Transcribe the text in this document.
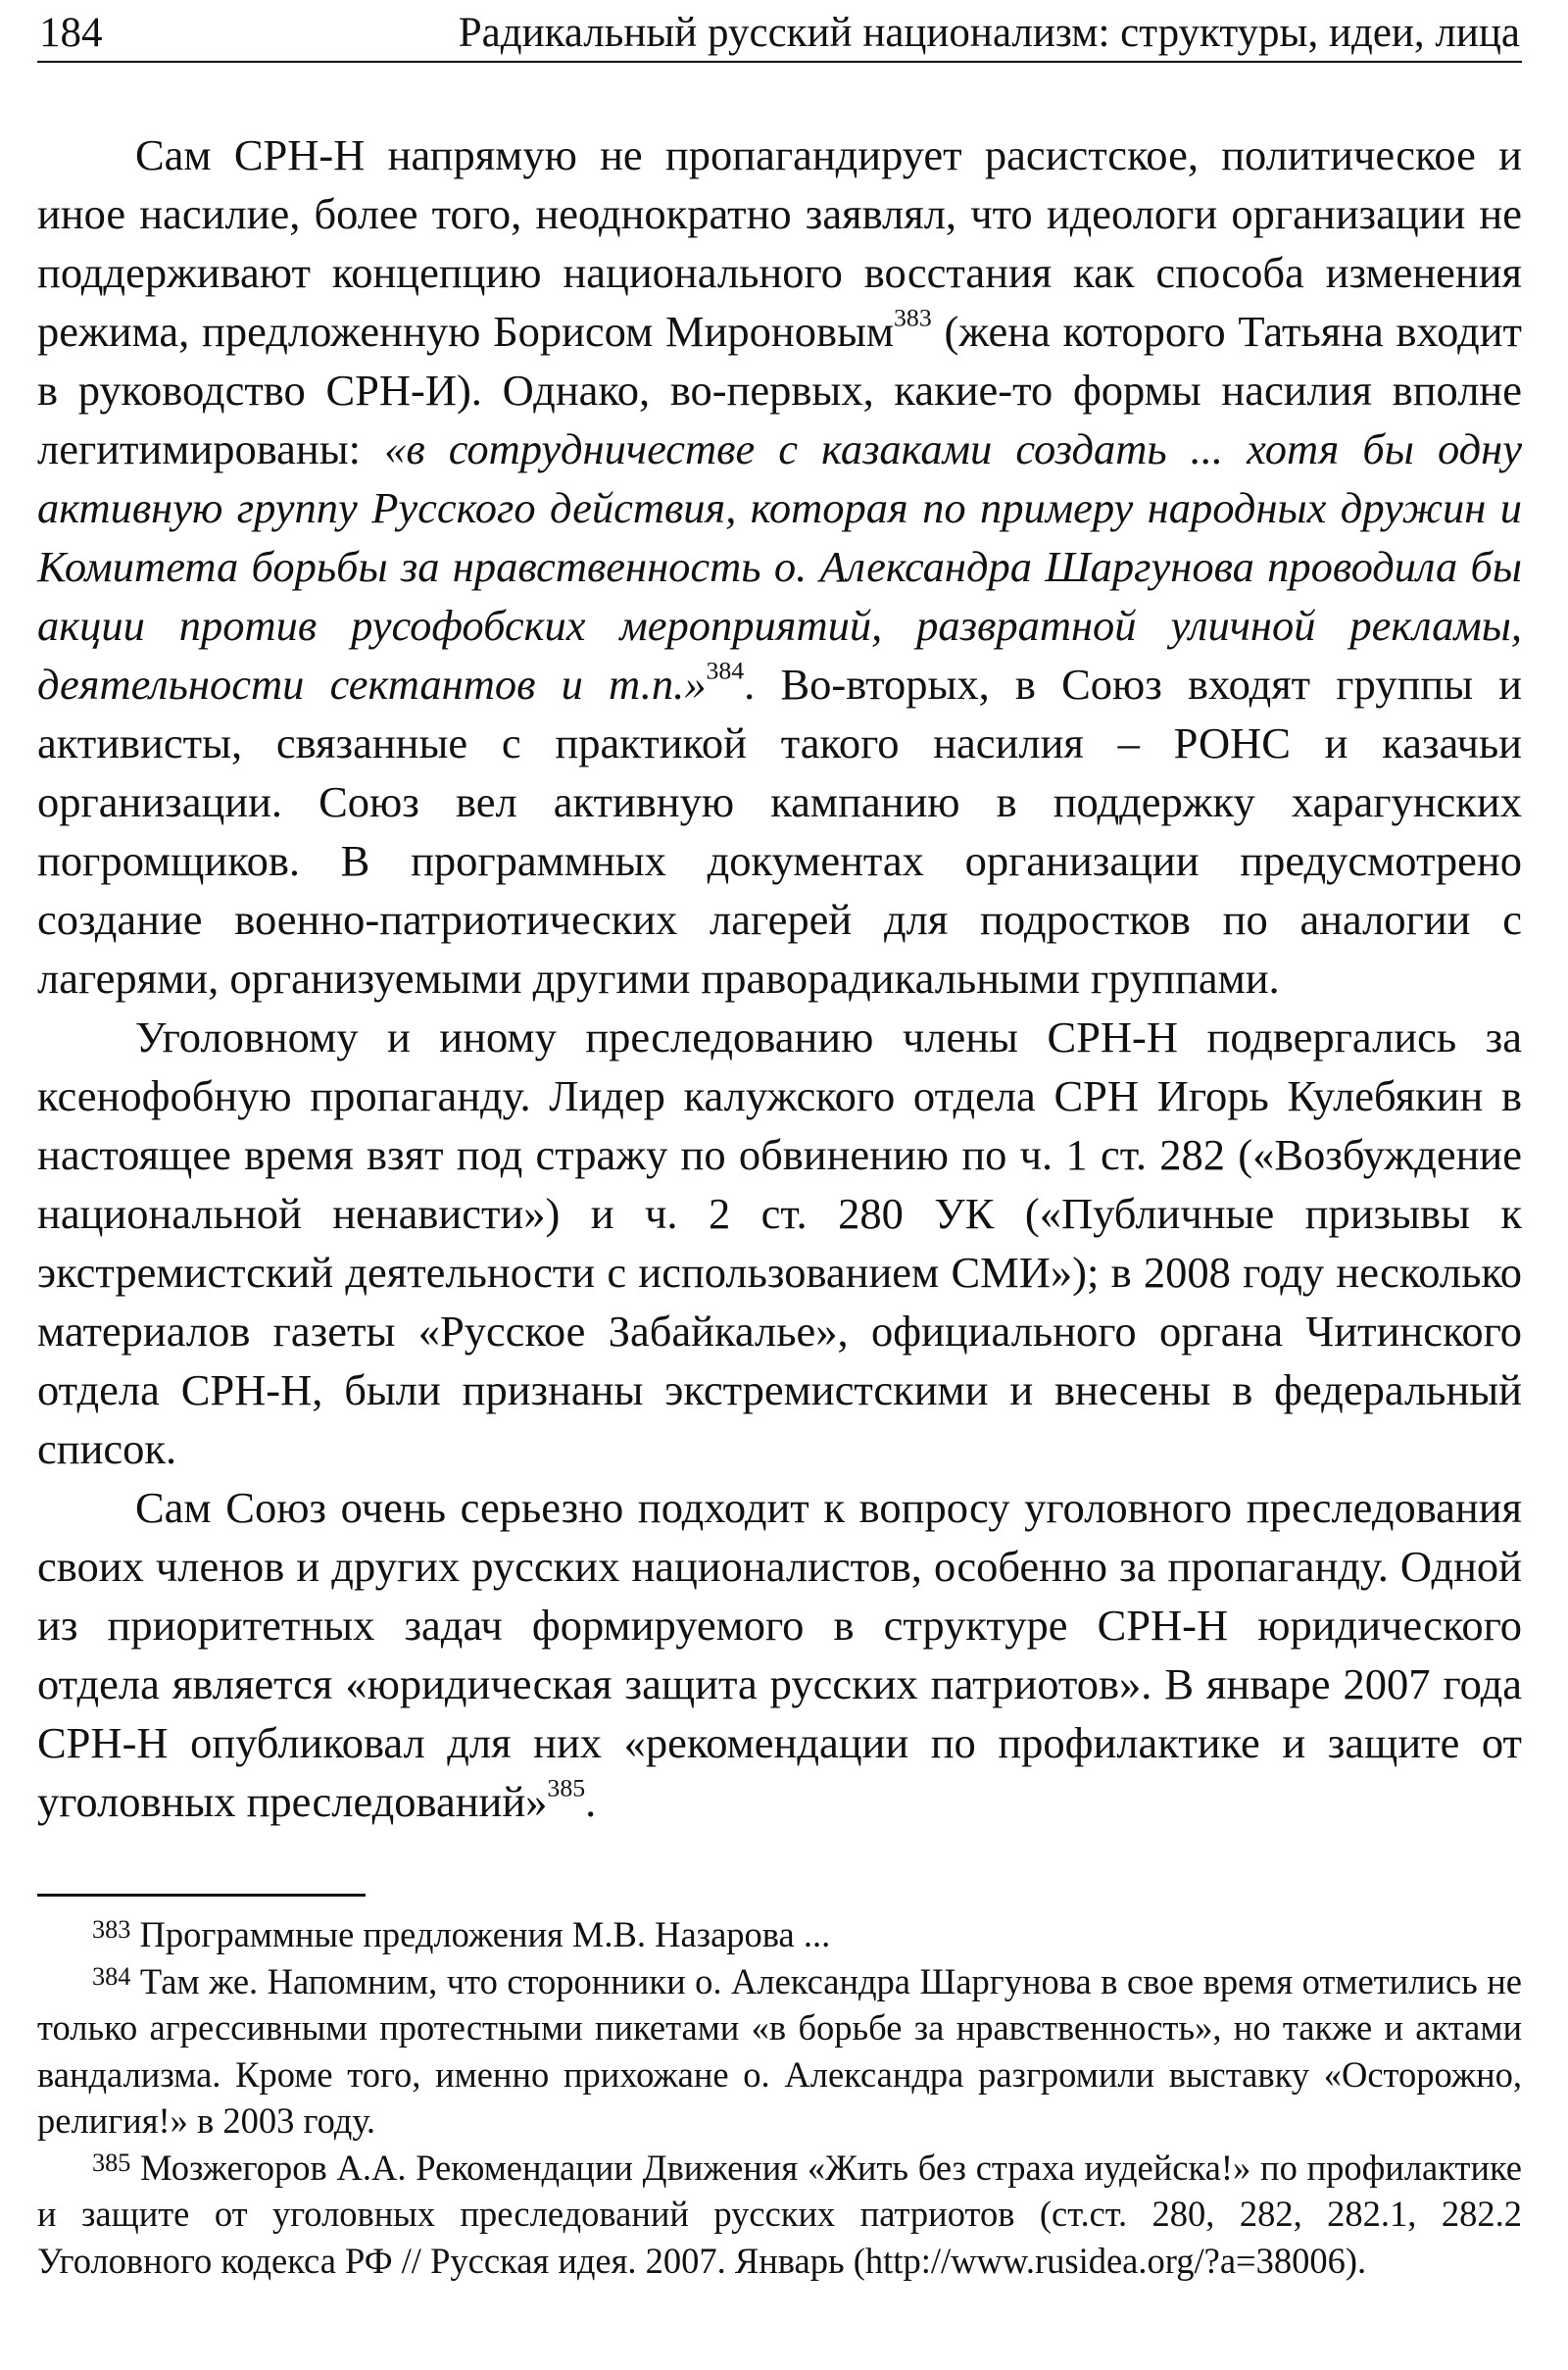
184	Радикальный русский национализм: структуры, идеи, лица

Сам СРН-Н напрямую не пропагандирует расистское, политическое и иное насилие, более того, неоднократно заявлял, что идеологи организации не поддерживают концепцию национального восстания как способа изменения режима, предложенную Борисом Мироновым$^{383}$ (жена которого Татьяна входит в руководство СРН-И). Однако, во-первых, какие-то формы насилия вполне легитимированы: «в сотрудничестве с казаками создать ... хотя бы одну активную группу Русского действия, которая по примеру народных дружин и Комитета борьбы за нравственность о. Александра Шаргунова проводила бы акции против русофобских мероприятий, развратной уличной рекламы, деятельности сектантов и т.п.»$^{384}$. Во-вторых, в Союз входят группы и активисты, связанные с практикой такого насилия – РОНС и казачьи организации. Союз вел активную кампанию в поддержку харагунских погромщиков. В программных документах организации предусмотрено создание военно-патриотических лагерей для подростков по аналогии с лагерями, организуемыми другими праворадикальными группами.

Уголовному и иному преследованию члены СРН-Н подвергались за ксенофобную пропаганду. Лидер калужского отдела СРН Игорь Кулебякин в настоящее время взят под стражу по обвинению по ч. 1 ст. 282 («Возбуждение национальной ненависти») и ч. 2 ст. 280 УК («Публичные призывы к экстремистский деятельности с использованием СМИ»); в 2008 году несколько материалов газеты «Русское Забайкалье», официального органа Читинского отдела СРН-Н, были признаны экстремистскими и внесены в федеральный список.

Сам Союз очень серьезно подходит к вопросу уголовного преследования своих членов и других русских националистов, особенно за пропаганду. Одной из приоритетных задач формируемого в структуре СРН-Н юридического отдела является «юридическая защита русских патриотов». В январе 2007 года СРН-Н опубликовал для них «рекомендации по профилактике и защите от уголовных преследований»$^{385}$.

$^{383}$ Программные предложения М.В. Назарова ...

$^{384}$ Там же. Напомним, что сторонники о. Александра Шаргунова в свое время отметились не только агрессивными протестными пикетами «в борьбе за нравственность», но также и актами вандализма. Кроме того, именно прихожане о. Александра разгромили выставку «Осторожно, религия!» в 2003 году.

$^{385}$ Мозжегоров А.А. Рекомендации Движения «Жить без страха иудейска!» по профилактике и защите от уголовных преследований русских патриотов (ст.ст. 280, 282, 282.1, 282.2 Уголовного кодекса РФ // Русская идея. 2007. Январь (http://www.rusidea.org/?a=38006).
